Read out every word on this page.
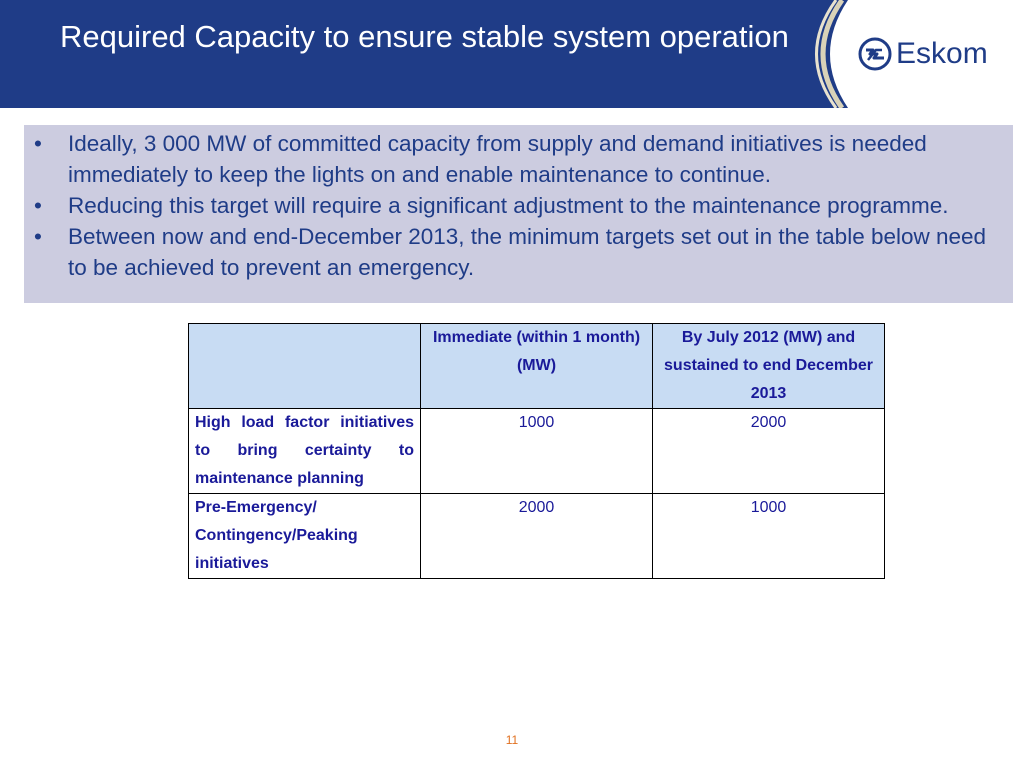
Required Capacity to ensure stable system operation	Eskom
•	Ideally, 3 000 MW of committed capacity from supply and demand initiatives is needed immediately to keep the lights on and enable maintenance to continue.
•	Reducing this target will require a significant adjustment to the maintenance programme.
•	Between now and end-December 2013, the minimum targets set out in the table below need to be achieved to prevent an emergency.
	Immediate (within 1 month) (MW)	By July 2012 (MW) and sustained to end December 2013
High load factor initiatives to bring certainty to maintenance planning	1000	2000
Pre-Emergency/ Contingency/Peaking initiatives	2000	1000
11
